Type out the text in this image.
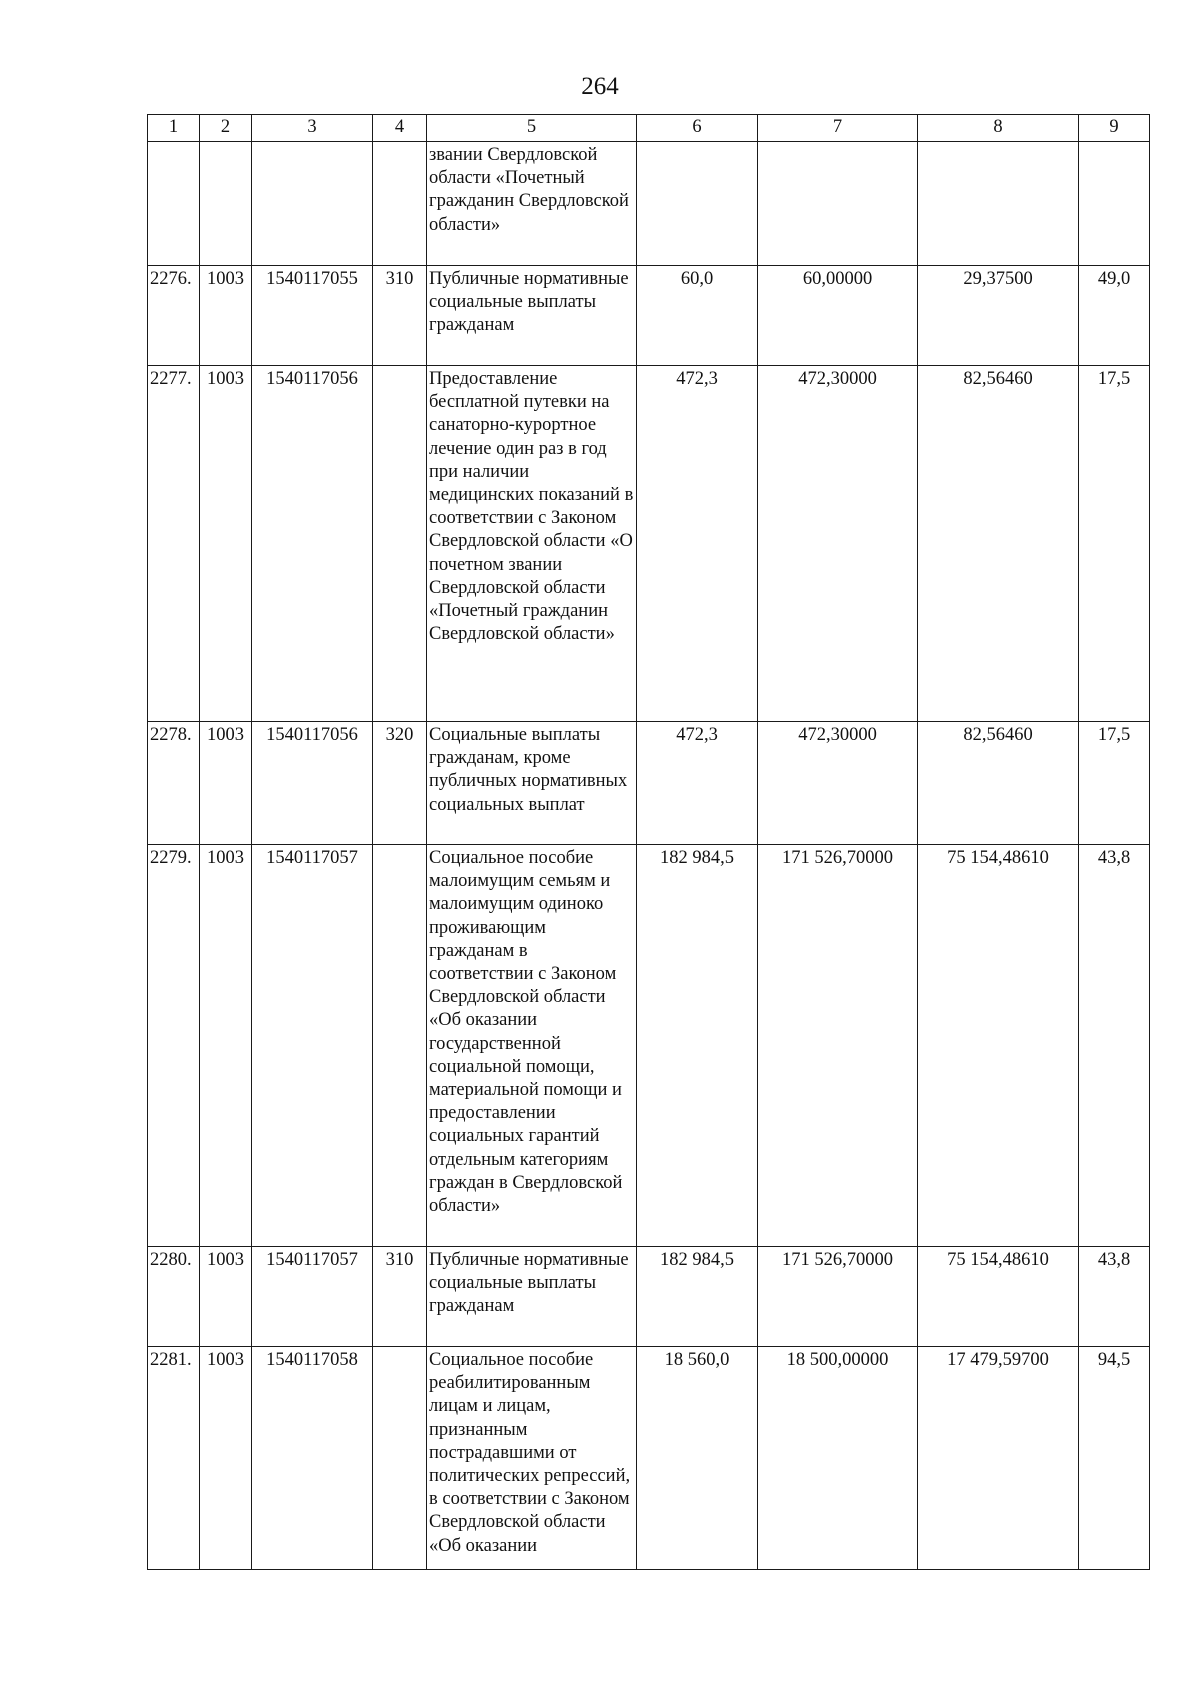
264
1	2	3	4	5	6	7	8	9
				звании Свердловской области «Почетный гражданин Свердловской области»				
2276.	1003	1540117055	310	Публичные нормативные социальные выплаты гражданам	60,0	60,00000	29,37500	49,0
2277.	1003	1540117056		Предоставление бесплатной путевки на санаторно-курортное лечение один раз в год при наличии медицинских показаний в соответствии с Законом Свердловской области «О почетном звании Свердловской области «Почетный гражданин Свердловской области»	472,3	472,30000	82,56460	17,5
2278.	1003	1540117056	320	Социальные выплаты гражданам, кроме публичных нормативных социальных выплат	472,3	472,30000	82,56460	17,5
2279.	1003	1540117057		Социальное пособие малоимущим семьям и малоимущим одиноко проживающим гражданам в соответствии с Законом Свердловской области «Об оказании государственной социальной помощи, материальной помощи и предоставлении социальных гарантий отдельным категориям граждан в Свердловской области»	182 984,5	171 526,70000	75 154,48610	43,8
2280.	1003	1540117057	310	Публичные нормативные социальные выплаты гражданам	182 984,5	171 526,70000	75 154,48610	43,8
2281.	1003	1540117058		Социальное пособие реабилитированным лицам и лицам, признанным пострадавшими от политических репрессий, в соответствии с Законом Свердловской области «Об оказании	18 560,0	18 500,00000	17 479,59700	94,5
